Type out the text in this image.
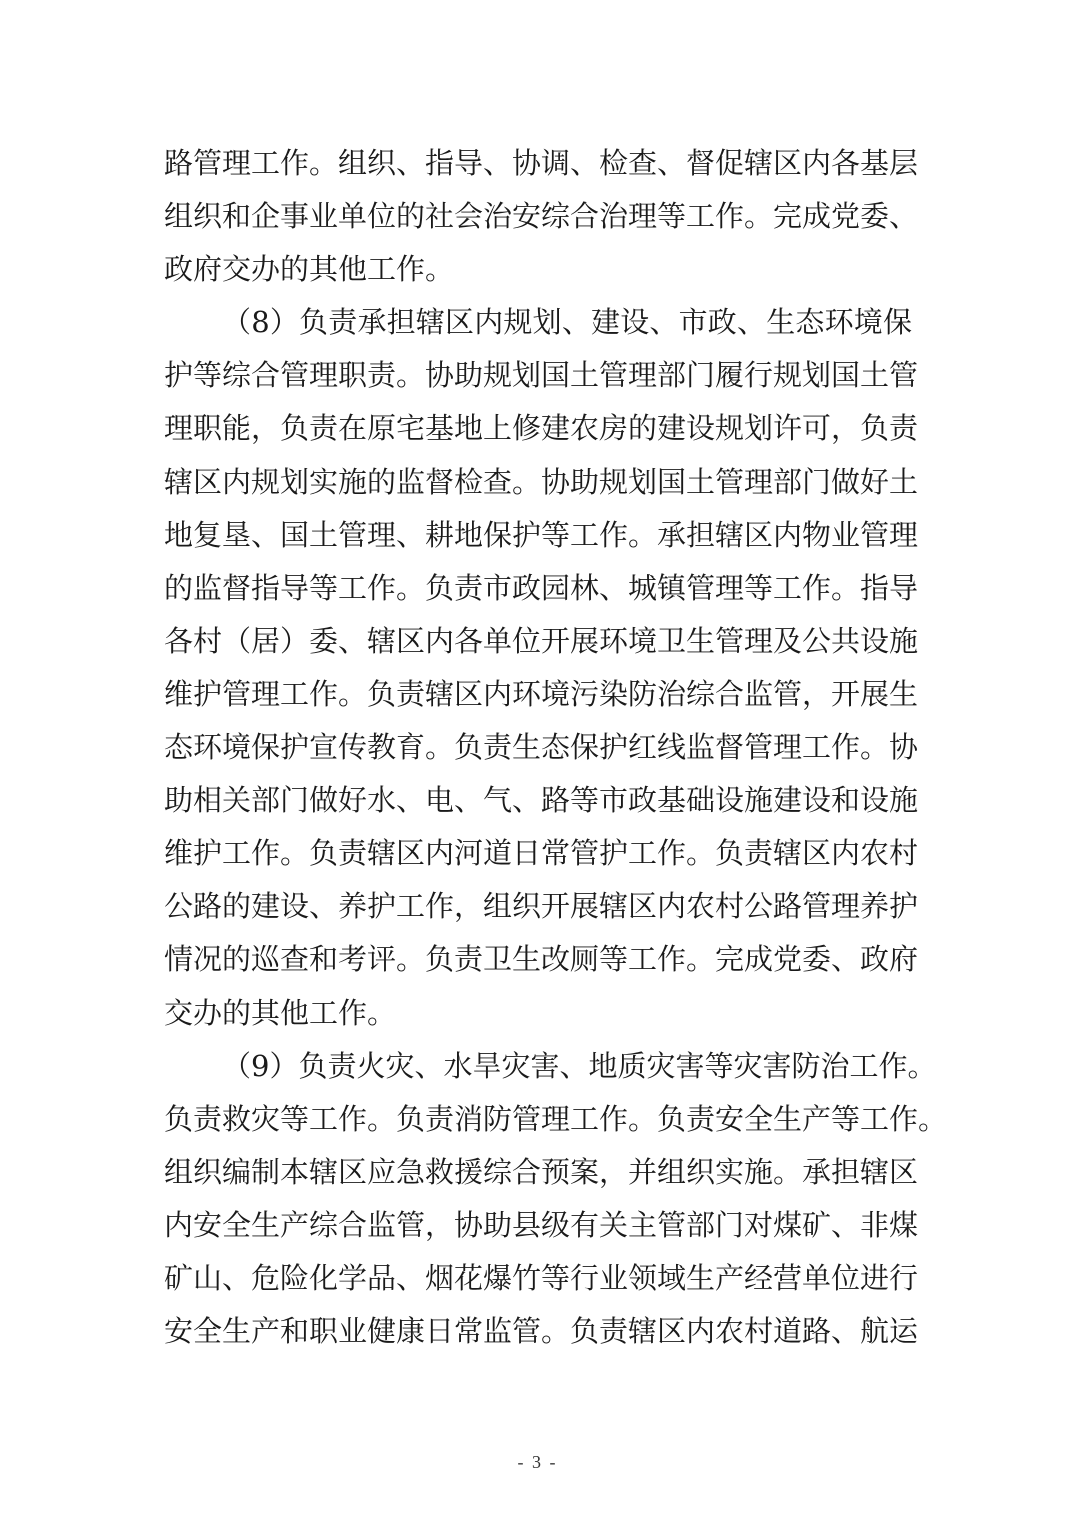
路管理工作。组织、指导、协调、检查、督促辖区内各基层
组织和企事业单位的社会治安综合治理等工作。完成党委、
政府交办的其他工作。
（8）负责承担辖区内规划、建设、市政、生态环境保
护等综合管理职责。协助规划国土管理部门履行规划国土管
理职能，负责在原宅基地上修建农房的建设规划许可，负责
辖区内规划实施的监督检查。协助规划国土管理部门做好土
地复垦、国土管理、耕地保护等工作。承担辖区内物业管理
的监督指导等工作。负责市政园林、城镇管理等工作。指导
各村（居）委、辖区内各单位开展环境卫生管理及公共设施
维护管理工作。负责辖区内环境污染防治综合监管，开展生
态环境保护宣传教育。负责生态保护红线监督管理工作。协
助相关部门做好水、电、气、路等市政基础设施建设和设施
维护工作。负责辖区内河道日常管护工作。负责辖区内农村
公路的建设、养护工作，组织开展辖区内农村公路管理养护
情况的巡查和考评。负责卫生改厕等工作。完成党委、政府
交办的其他工作。
（9）负责火灾、水旱灾害、地质灾害等灾害防治工作。
负责救灾等工作。负责消防管理工作。负责安全生产等工作。
组织编制本辖区应急救援综合预案，并组织实施。承担辖区
内安全生产综合监管，协助县级有关主管部门对煤矿、非煤
矿山、危险化学品、烟花爆竹等行业领域生产经营单位进行
安全生产和职业健康日常监管。负责辖区内农村道路、航运
- 3 -
